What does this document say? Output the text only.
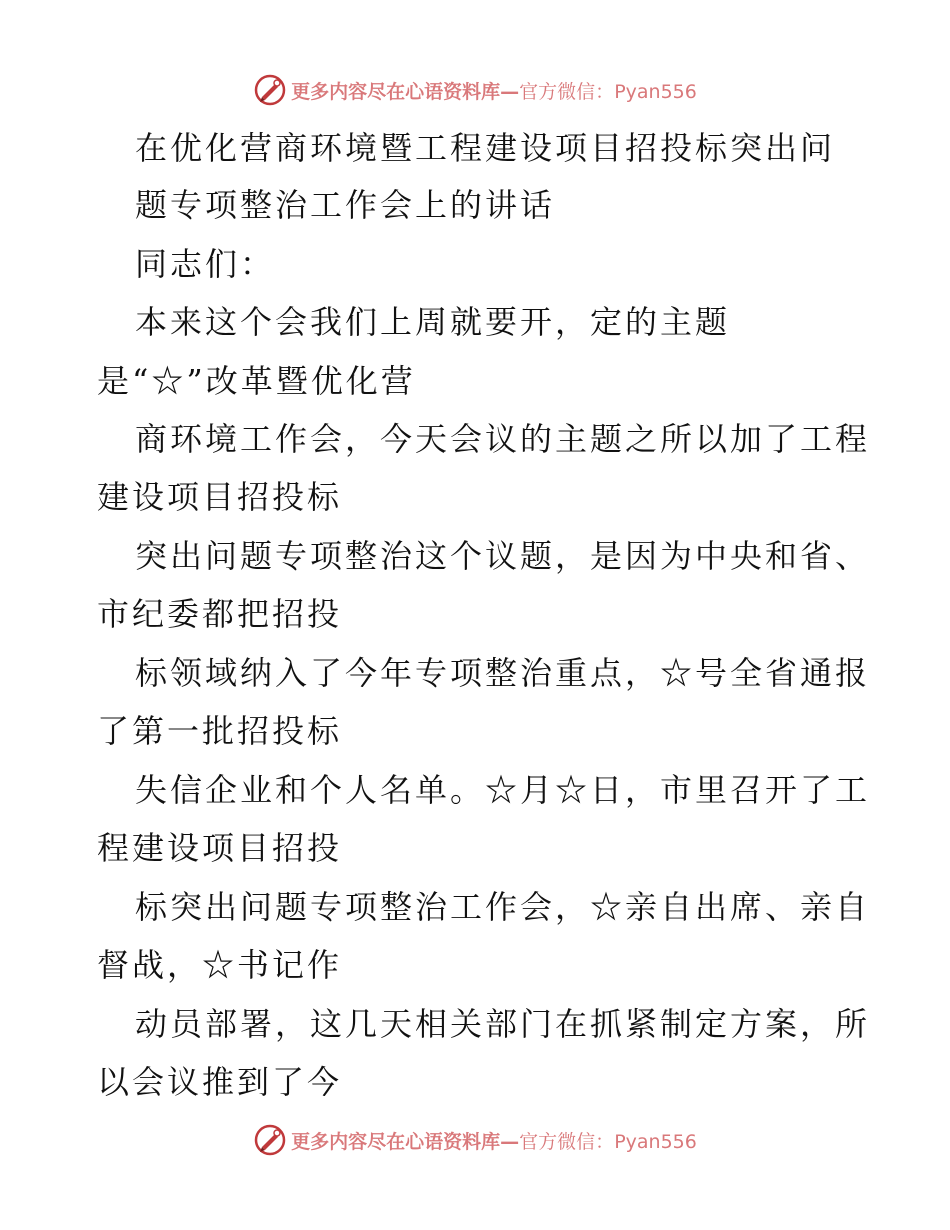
更多内容尽在心语资料库—官方微信：Pyan556
在优化营商环境暨工程建设项目招投标突出问
题专项整治工作会上的讲话
同志们：
本来这个会我们上周就要开，定的主题
是“☆”改革暨优化营
商环境工作会，今天会议的主题之所以加了工程
建设项目招投标
突出问题专项整治这个议题，是因为中央和省、
市纪委都把招投
标领域纳入了今年专项整治重点，☆号全省通报
了第一批招投标
失信企业和个人名单。☆月☆日，市里召开了工
程建设项目招投
标突出问题专项整治工作会，☆亲自出席、亲自
督战，☆书记作
动员部署，这几天相关部门在抓紧制定方案，所
以会议推到了今
更多内容尽在心语资料库—官方微信：Pyan556
